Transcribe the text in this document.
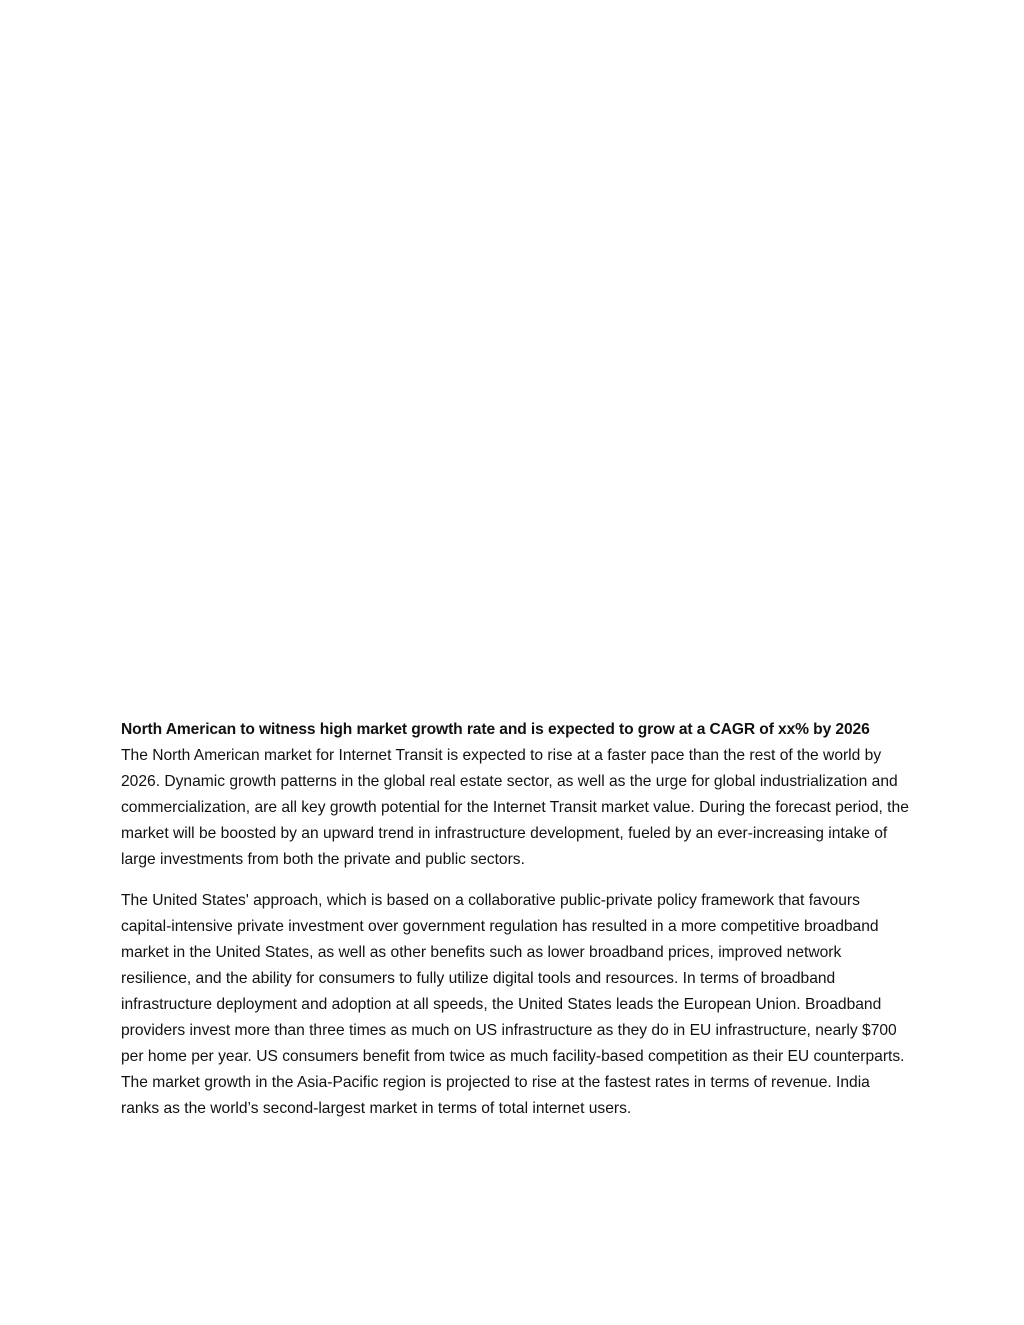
North American to witness high market growth rate and is expected to grow at a CAGR of xx% by 2026

The North American market for Internet Transit is expected to rise at a faster pace than the rest of the world by 2026. Dynamic growth patterns in the global real estate sector, as well as the urge for global industrialization and commercialization, are all key growth potential for the Internet Transit market value. During the forecast period, the market will be boosted by an upward trend in infrastructure development, fueled by an ever-increasing intake of large investments from both the private and public sectors.

The United States' approach, which is based on a collaborative public-private policy framework that favours capital-intensive private investment over government regulation has resulted in a more competitive broadband market in the United States, as well as other benefits such as lower broadband prices, improved network resilience, and the ability for consumers to fully utilize digital tools and resources. In terms of broadband infrastructure deployment and adoption at all speeds, the United States leads the European Union. Broadband providers invest more than three times as much on US infrastructure as they do in EU infrastructure, nearly $700 per home per year. US consumers benefit from twice as much facility-based competition as their EU counterparts. The market growth in the Asia-Pacific region is projected to rise at the fastest rates in terms of revenue. India ranks as the world’s second-largest market in terms of total internet users.
